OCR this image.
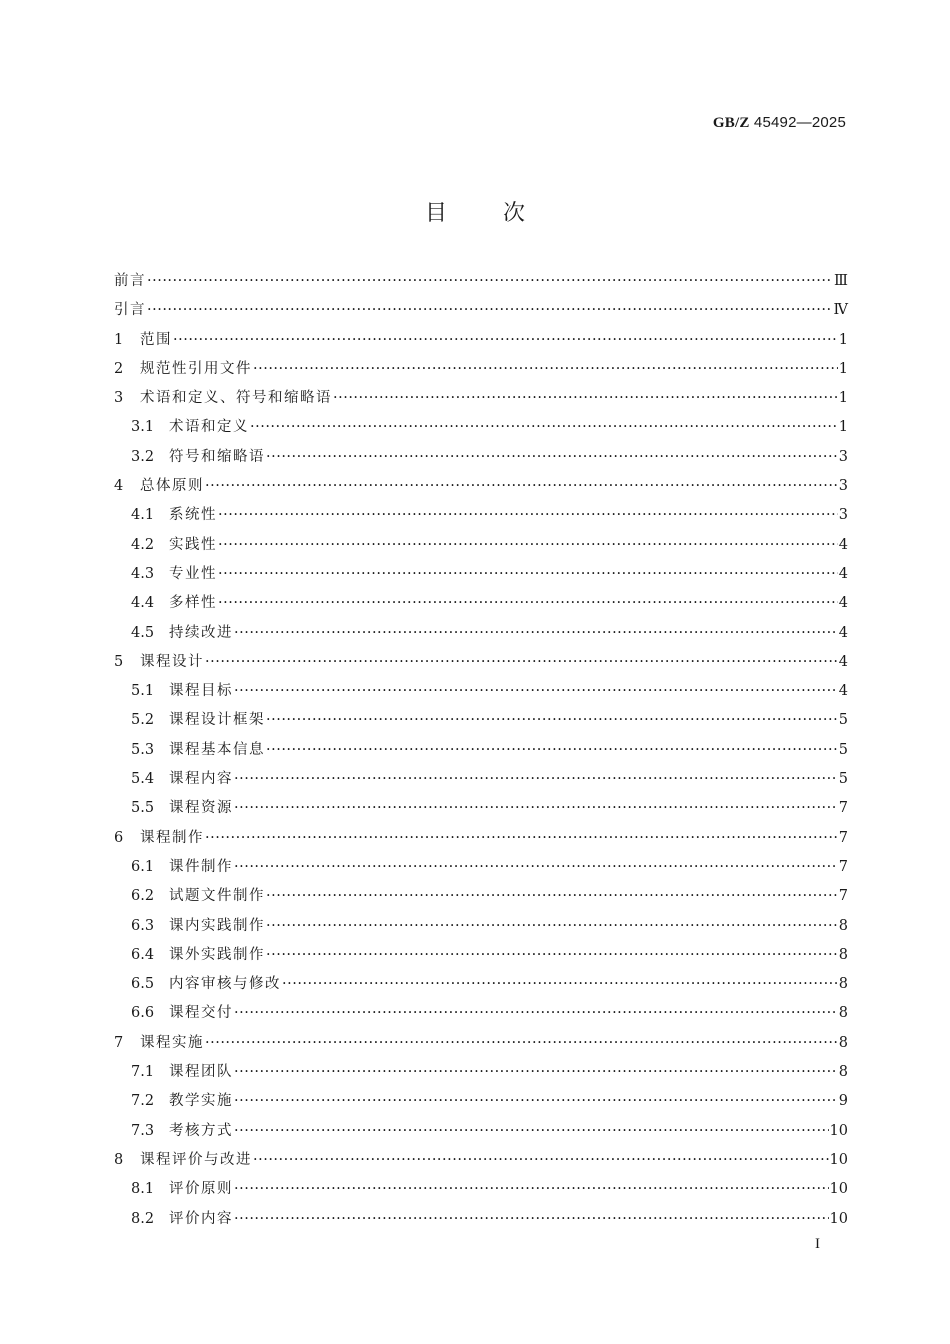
GB/Z 45492—2025
目次
前言 ·····	Ⅲ
引言 ·····	Ⅳ
1	范围 ·····	1
2	规范性引用文件 ·····	1
3	术语和定义、符号和缩略语 ·····	1
3.1	术语和定义 ·····	1
3.2	符号和缩略语 ·····	3
4	总体原则 ·····	3
4.1	系统性 ·····	3
4.2	实践性 ·····	4
4.3	专业性 ·····	4
4.4	多样性 ·····	4
4.5	持续改进 ·····	4
5	课程设计 ·····	4
5.1	课程目标 ·····	4
5.2	课程设计框架 ·····	5
5.3	课程基本信息 ·····	5
5.4	课程内容 ·····	5
5.5	课程资源 ·····	7
6	课程制作 ·····	7
6.1	课件制作 ·····	7
6.2	试题文件制作 ·····	7
6.3	课内实践制作 ·····	8
6.4	课外实践制作 ·····	8
6.5	内容审核与修改 ·····	8
6.6	课程交付 ·····	8
7	课程实施 ·····	8
7.1	课程团队 ·····	8
7.2	教学实施 ·····	9
7.3	考核方式 ·····	10
8	课程评价与改进 ·····	10
8.1	评价原则 ·····	10
8.2	评价内容 ·····	10
I
